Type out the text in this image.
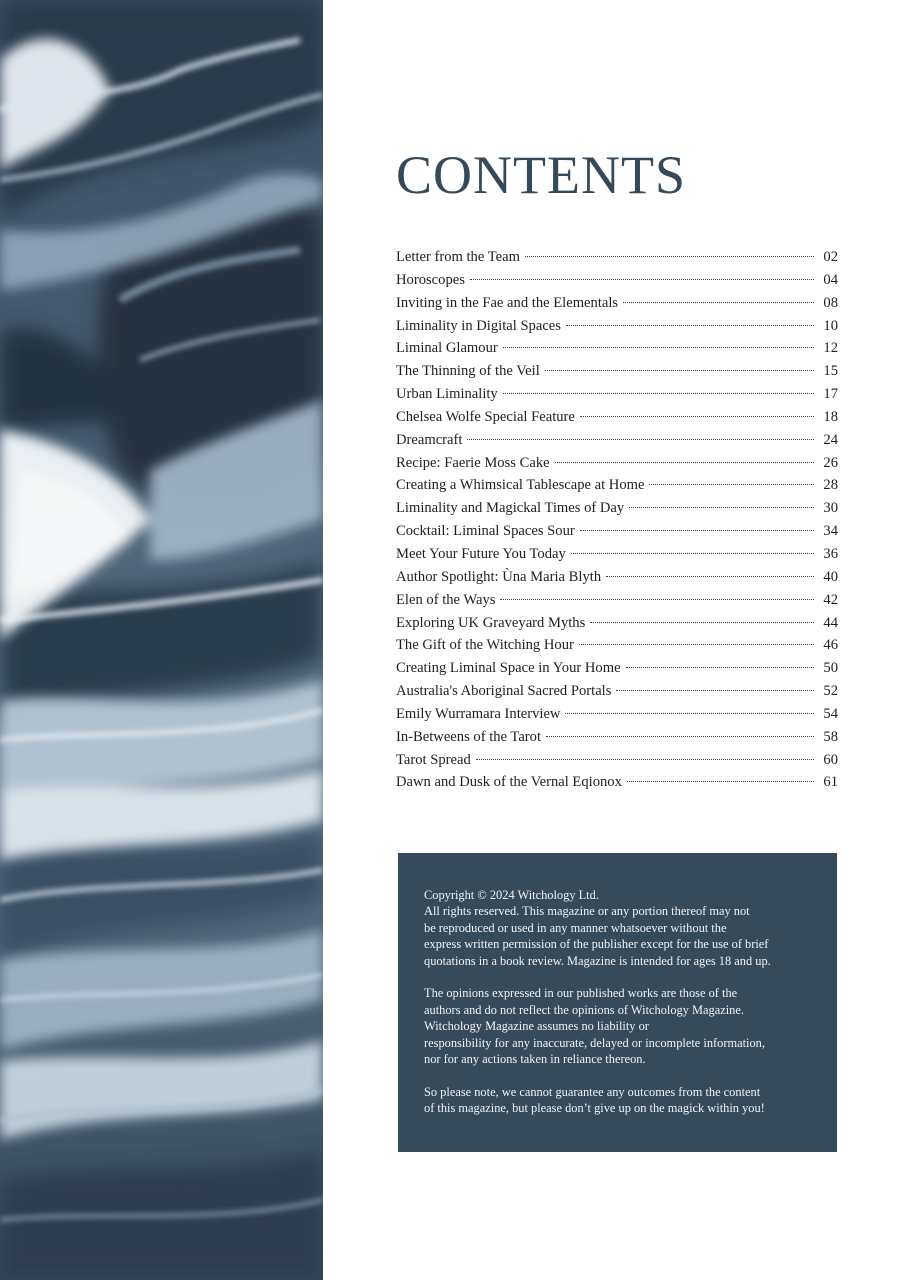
CONTENTS
Letter from the Team	02
Horoscopes	04
Inviting in the Fae and the Elementals	08
Liminality in Digital Spaces	10
Liminal Glamour	12
The Thinning of the Veil	15
Urban Liminality	17
Chelsea Wolfe Special Feature	18
Dreamcraft	24
Recipe: Faerie Moss Cake	26
Creating a Whimsical Tablescape at Home	28
Liminality and Magickal Times of Day	30
Cocktail: Liminal Spaces Sour	34
Meet Your Future You Today	36
Author Spotlight: Ùna Maria Blyth	40
Elen of the Ways	42
Exploring UK Graveyard Myths	44
The Gift of the Witching Hour	46
Creating Liminal Space in Your Home	50
Australia's Aboriginal Sacred Portals	52
Emily Wurramara Interview	54
In-Betweens of the Tarot	58
Tarot Spread	60
Dawn and Dusk of the Vernal Eqionox	61

Copyright © 2024 Witchology Ltd.
All rights reserved. This magazine or any portion thereof may not
be reproduced or used in any manner whatsoever without the
express written permission of the publisher except for the use of brief
quotations in a book review. Magazine is intended for ages 18 and up.

The opinions expressed in our published works are those of the
authors and do not reflect the opinions of Witchology Magazine.
Witchology Magazine assumes no liability or
responsibility for any inaccurate, delayed or incomplete information,
nor for any actions taken in reliance thereon.

So please note, we cannot guarantee any outcomes from the content
of this magazine, but please don’t give up on the magick within you!
